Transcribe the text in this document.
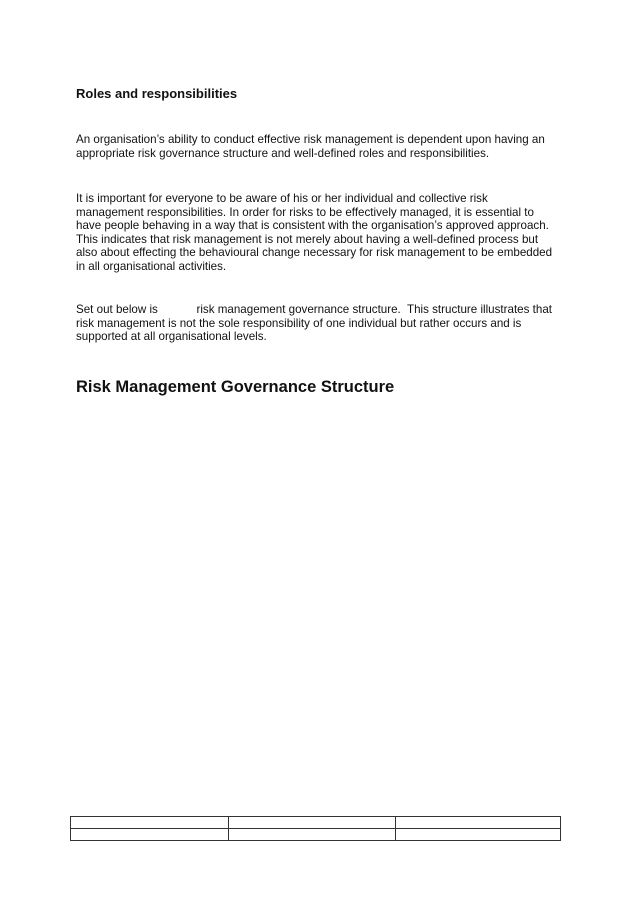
Roles and responsibilities

An organisation’s ability to conduct effective risk management is dependent upon having an
appropriate risk governance structure and well-defined roles and responsibilities.

It is important for everyone to be aware of his or her individual and collective risk
management responsibilities. In order for risks to be effectively managed, it is essential to
have people behaving in a way that is consistent with the organisation’s approved approach.
This indicates that risk management is not merely about having a well-defined process but
also about effecting the behavioural change necessary for risk management to be embedded
in all organisational activities.

Set out below is            risk management governance structure.  This structure illustrates that
risk management is not the sole responsibility of one individual but rather occurs and is
supported at all organisational levels.

Risk Management Governance Structure
